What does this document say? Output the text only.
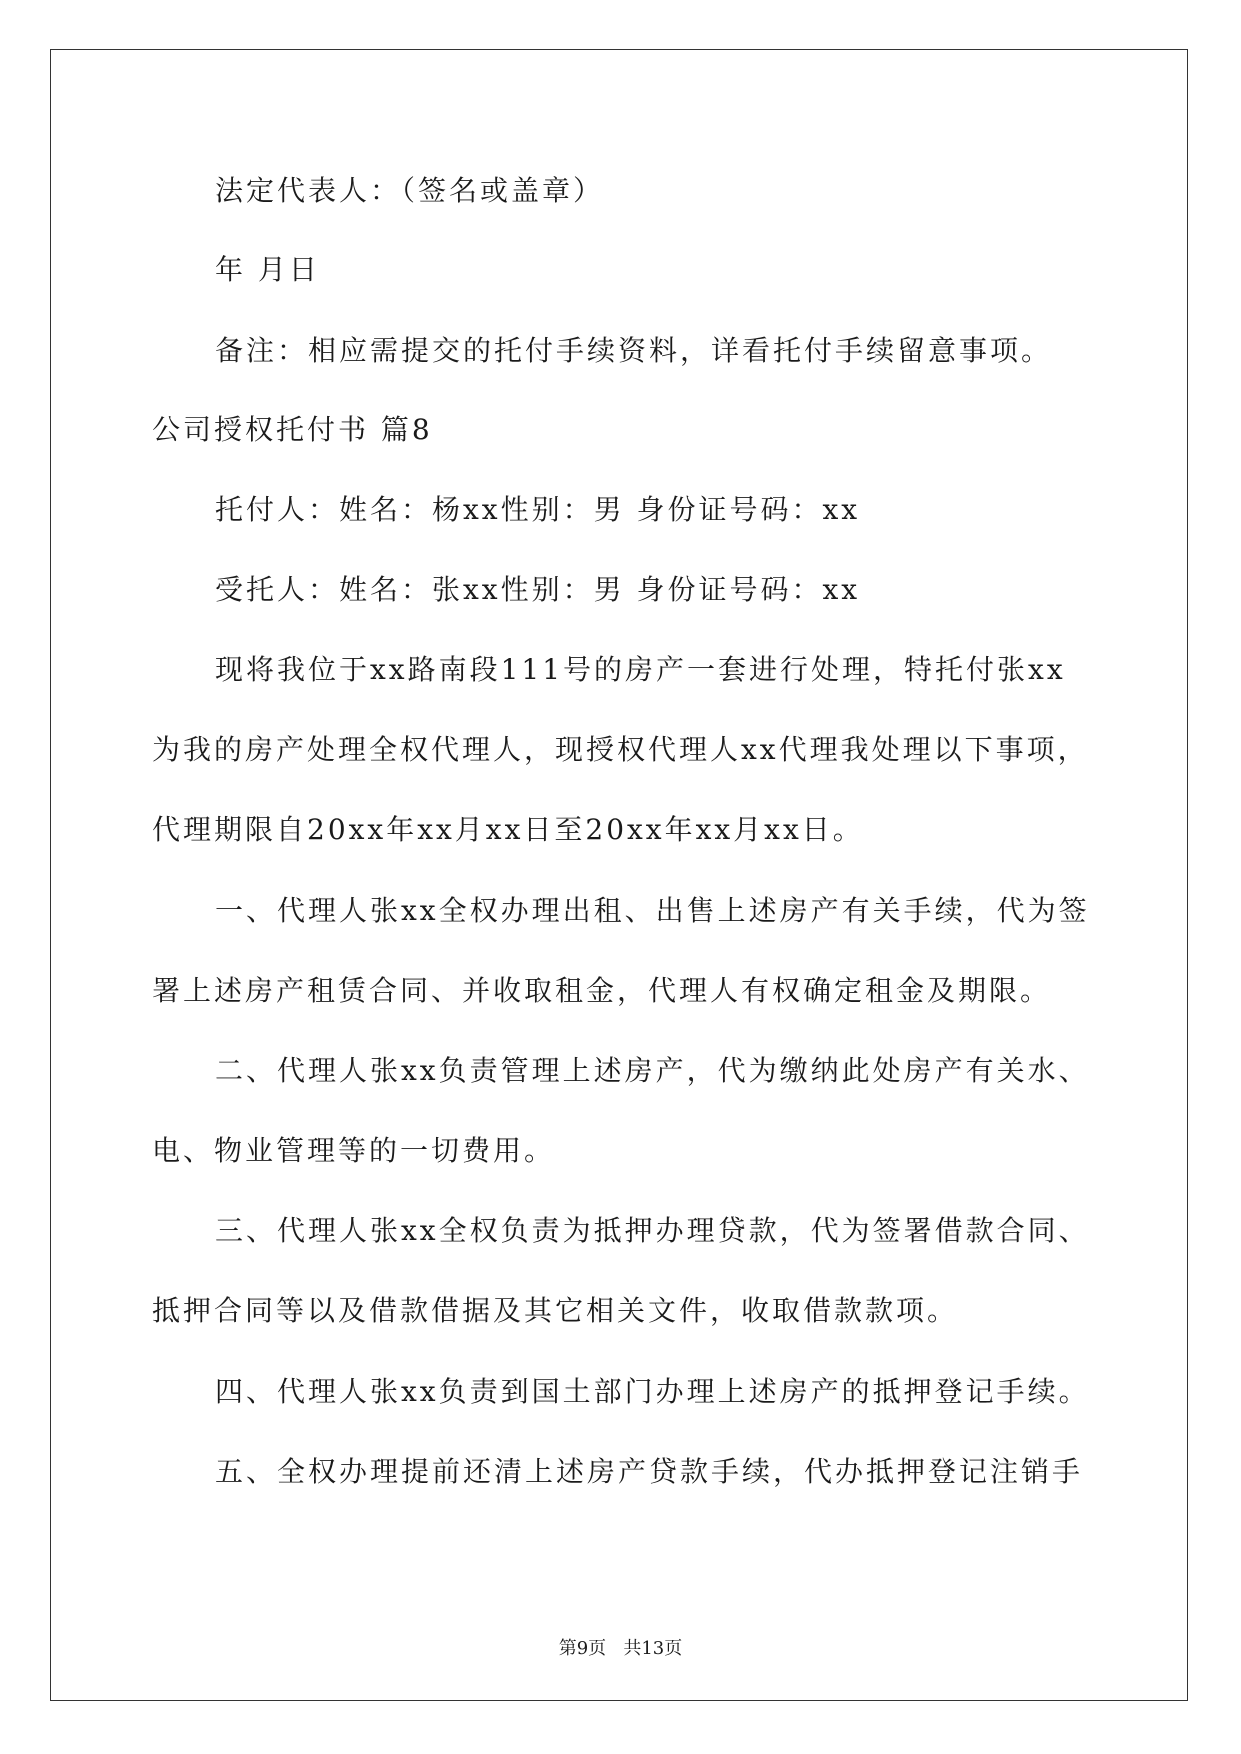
法定代表人：（签名或盖章）
年 月日
备注：相应需提交的托付手续资料，详看托付手续留意事项。
公司授权托付书 篇8
托付人：姓名：杨xx性别：男 身份证号码：xx
受托人：姓名：张xx性别：男 身份证号码：xx
现将我位于xx路南段111号的房产一套进行处理，特托付张xx
为我的房产处理全权代理人，现授权代理人xx代理我处理以下事项，
代理期限自20xx年xx月xx日至20xx年xx月xx日。
一、代理人张xx全权办理出租、出售上述房产有关手续，代为签
署上述房产租赁合同、并收取租金，代理人有权确定租金及期限。
二、代理人张xx负责管理上述房产，代为缴纳此处房产有关水、
电、物业管理等的一切费用。
三、代理人张xx全权负责为抵押办理贷款，代为签署借款合同、
抵押合同等以及借款借据及其它相关文件，收取借款款项。
四、代理人张xx负责到国土部门办理上述房产的抵押登记手续。
五、全权办理提前还清上述房产贷款手续，代办抵押登记注销手
第9页   共13页
